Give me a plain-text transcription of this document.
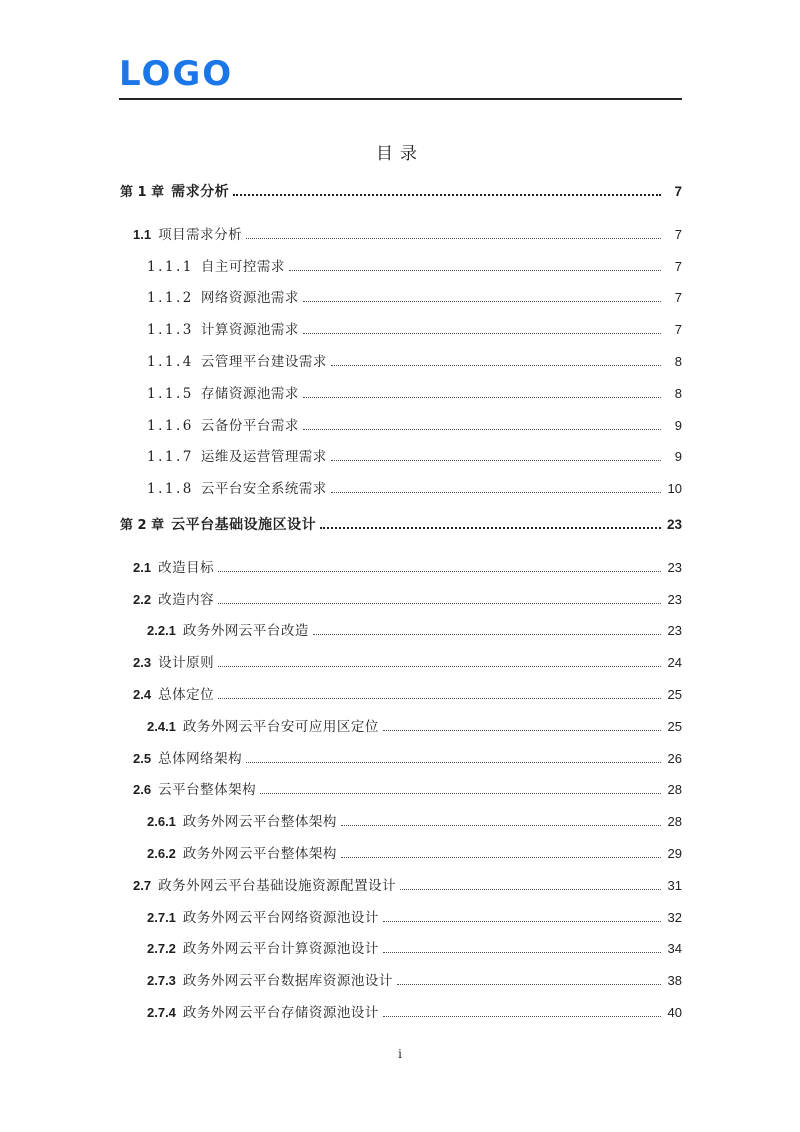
LOGO
目录
第 1 章 需求分析	7
1.1 项目需求分析	7
1.1.1 自主可控需求	7
1.1.2 网络资源池需求	7
1.1.3 计算资源池需求	7
1.1.4 云管理平台建设需求	8
1.1.5 存储资源池需求	8
1.1.6 云备份平台需求	9
1.1.7 运维及运营管理需求	9
1.1.8 云平台安全系统需求	10
第 2 章 云平台基础设施区设计	23
2.1 改造目标	23
2.2 改造内容	23
2.2.1 政务外网云平台改造	23
2.3 设计原则	24
2.4 总体定位	25
2.4.1 政务外网云平台安可应用区定位	25
2.5 总体网络架构	26
2.6 云平台整体架构	28
2.6.1 政务外网云平台整体架构	28
2.6.2 政务外网云平台整体架构	29
2.7 政务外网云平台基础设施资源配置设计	31
2.7.1 政务外网云平台网络资源池设计	32
2.7.2 政务外网云平台计算资源池设计	34
2.7.3 政务外网云平台数据库资源池设计	38
2.7.4 政务外网云平台存储资源池设计	40
i
